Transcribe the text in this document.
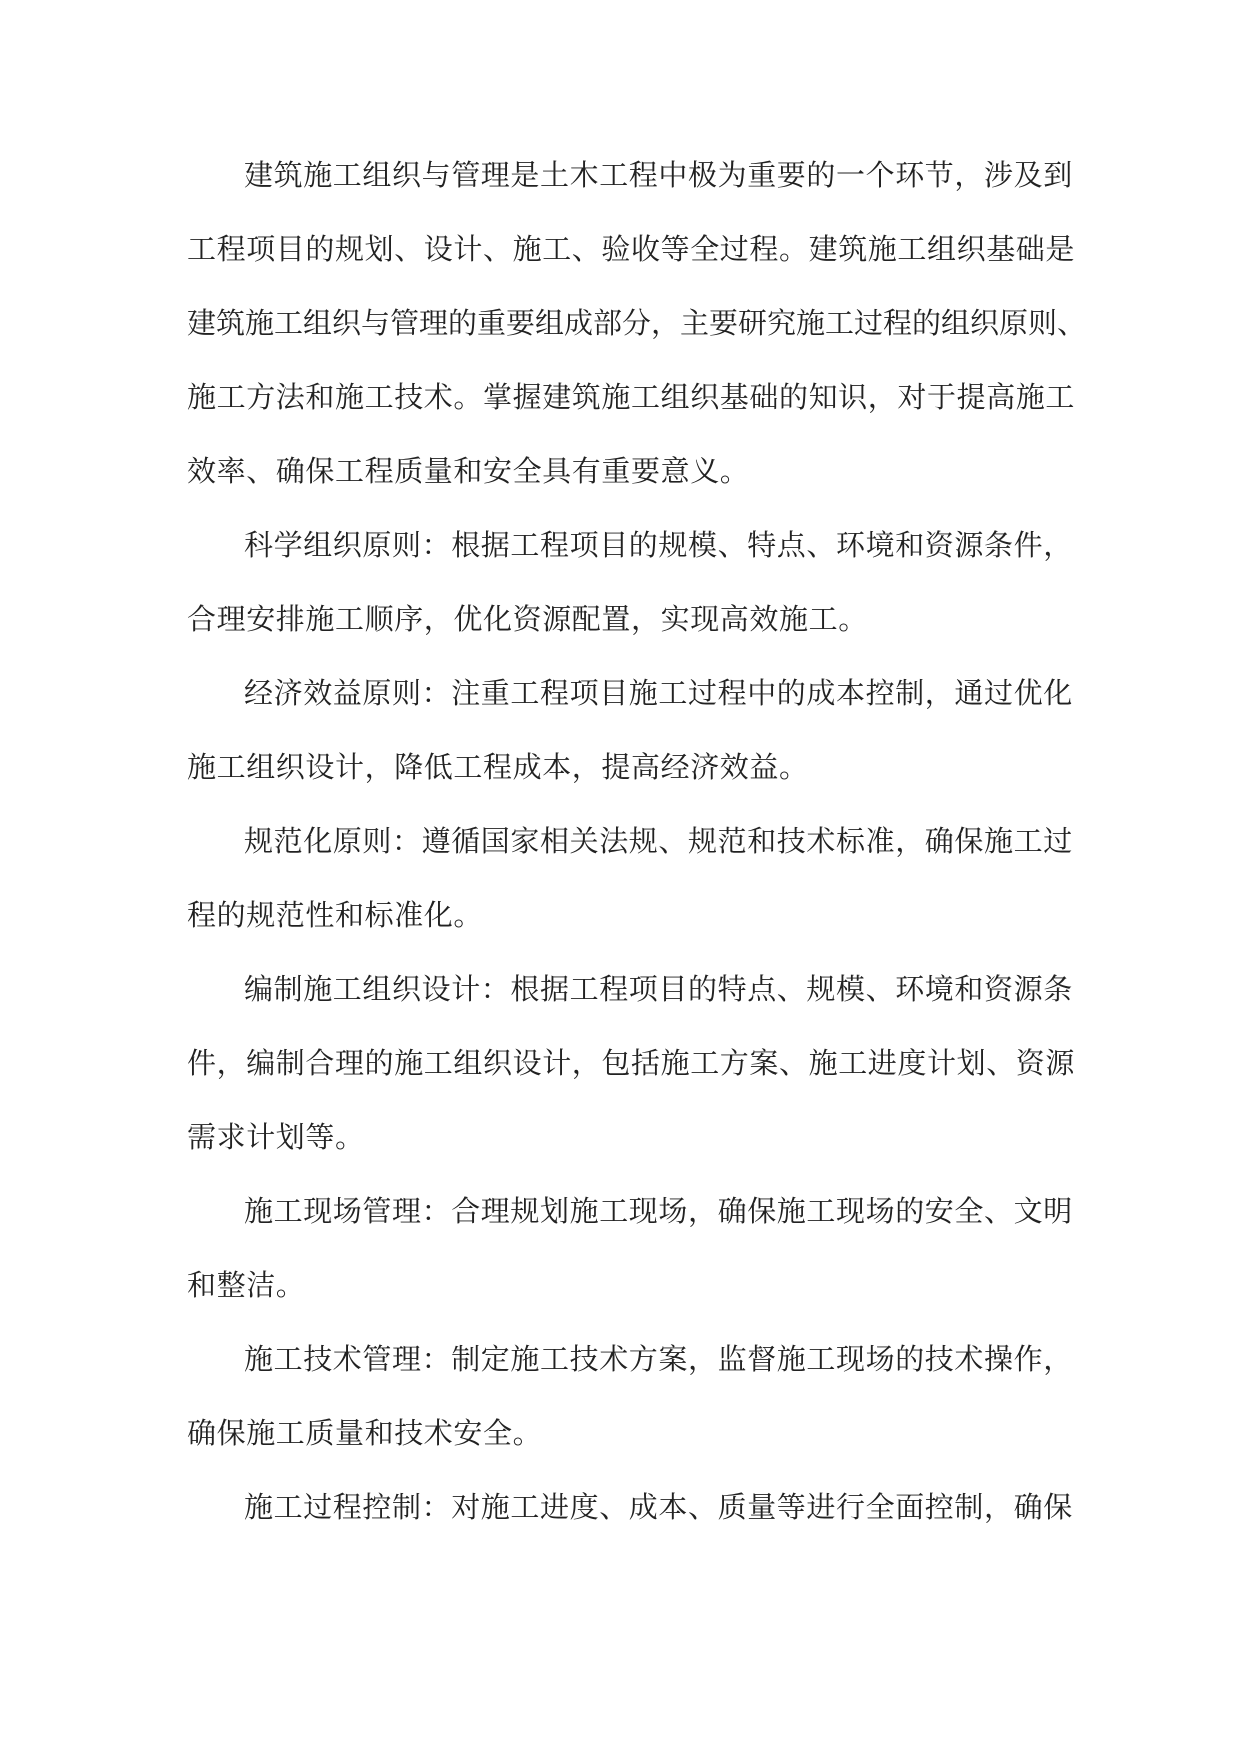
建筑施工组织与管理是土木工程中极为重要的一个环节，涉及到
工程项目的规划、设计、施工、验收等全过程。建筑施工组织基础是
建筑施工组织与管理的重要组成部分，主要研究施工过程的组织原则、
施工方法和施工技术。掌握建筑施工组织基础的知识，对于提高施工
效率、确保工程质量和安全具有重要意义。
科学组织原则：根据工程项目的规模、特点、环境和资源条件，
合理安排施工顺序，优化资源配置，实现高效施工。
经济效益原则：注重工程项目施工过程中的成本控制，通过优化
施工组织设计，降低工程成本，提高经济效益。
规范化原则：遵循国家相关法规、规范和技术标准，确保施工过
程的规范性和标准化。
编制施工组织设计：根据工程项目的特点、规模、环境和资源条
件，编制合理的施工组织设计，包括施工方案、施工进度计划、资源
需求计划等。
施工现场管理：合理规划施工现场，确保施工现场的安全、文明
和整洁。
施工技术管理：制定施工技术方案，监督施工现场的技术操作，
确保施工质量和技术安全。
施工过程控制：对施工进度、成本、质量等进行全面控制，确保
